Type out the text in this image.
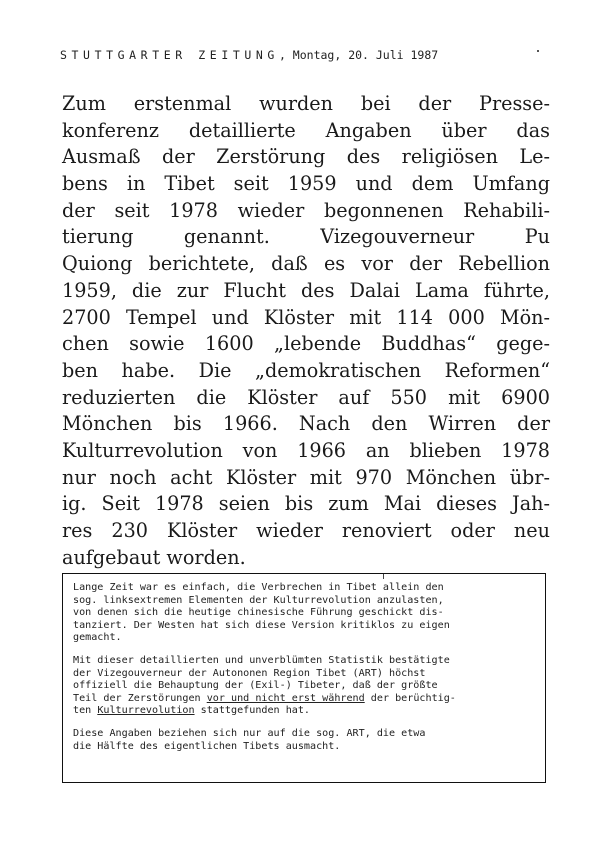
STUTTGARTER ZEITUNG, Montag, 20. Juli 1987
Zum erstenmal wurden bei der Presse-
konferenz detaillierte Angaben über das
Ausmaß der Zerstörung des religiösen Le-
bens in Tibet seit 1959 und dem Umfang
der seit 1978 wieder begonnenen Rehabili-
tierung genannt. Vizegouverneur Pu
Quiong berichtete, daß es vor der Rebellion
1959, die zur Flucht des Dalai Lama führte,
2700 Tempel und Klöster mit 114 000 Mön-
chen sowie 1600 „lebende Buddhas“ gege-
ben habe. Die „demokratischen Reformen“
reduzierten die Klöster auf 550 mit 6900
Mönchen bis 1966. Nach den Wirren der
Kulturrevolution von 1966 an blieben 1978
nur noch acht Klöster mit 970 Mönchen übr-
ig. Seit 1978 seien bis zum Mai dieses Jah-
res 230 Klöster wieder renoviert oder neu
aufgebaut worden.

Lange Zeit war es einfach, die Verbrechen in Tibet allein den
sog. linksextremen Elementen der Kulturrevolution anzulasten,
von denen sich die heutige chinesische Führung geschickt dis-
tanziert. Der Westen hat sich diese Version kritiklos zu eigen
gemacht.

Mit dieser detaillierten und unverblümten Statistik bestätigte
der Vizegouverneur der Autononen Region Tibet (ART) höchst
offiziell die Behauptung der (Exil-) Tibeter, daß der größte
Teil der Zerstörungen vor und nicht erst während der berüchtig-
ten Kulturrevolution stattgefunden hat.

Diese Angaben beziehen sich nur auf die sog. ART, die etwa
die Hälfte des eigentlichen Tibets ausmacht.
